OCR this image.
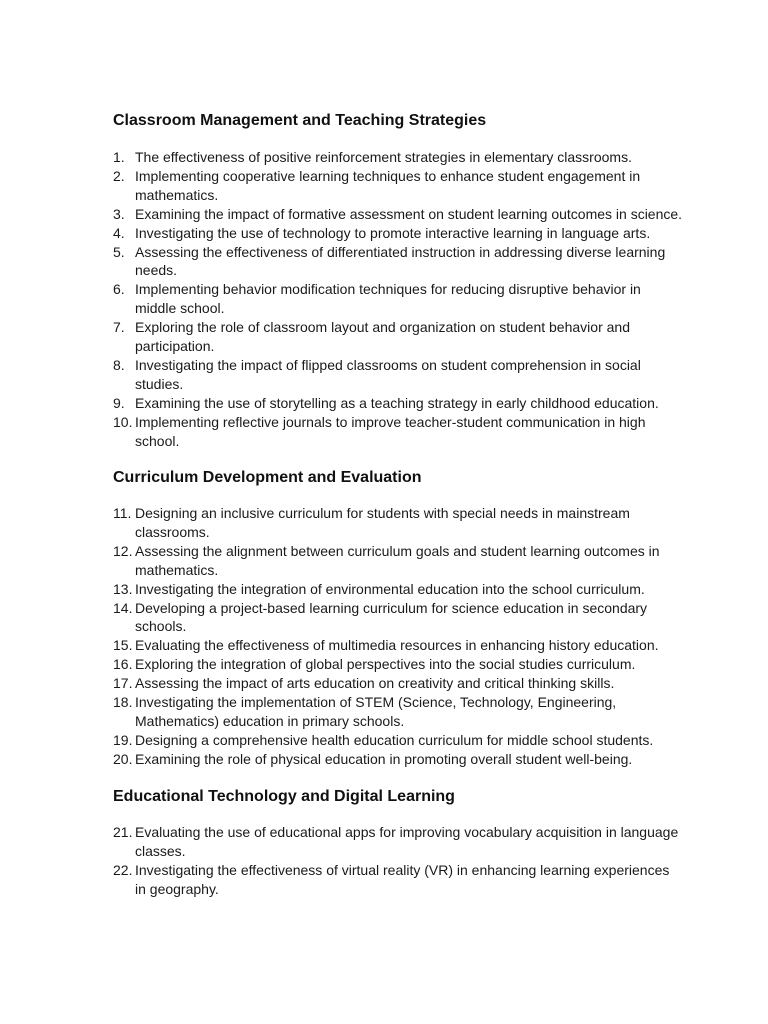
Classroom Management and Teaching Strategies
1. The effectiveness of positive reinforcement strategies in elementary classrooms.
2. Implementing cooperative learning techniques to enhance student engagement in mathematics.
3. Examining the impact of formative assessment on student learning outcomes in science.
4. Investigating the use of technology to promote interactive learning in language arts.
5. Assessing the effectiveness of differentiated instruction in addressing diverse learning needs.
6. Implementing behavior modification techniques for reducing disruptive behavior in middle school.
7. Exploring the role of classroom layout and organization on student behavior and participation.
8. Investigating the impact of flipped classrooms on student comprehension in social studies.
9. Examining the use of storytelling as a teaching strategy in early childhood education.
10. Implementing reflective journals to improve teacher-student communication in high school.
Curriculum Development and Evaluation
11. Designing an inclusive curriculum for students with special needs in mainstream classrooms.
12. Assessing the alignment between curriculum goals and student learning outcomes in mathematics.
13. Investigating the integration of environmental education into the school curriculum.
14. Developing a project-based learning curriculum for science education in secondary schools.
15. Evaluating the effectiveness of multimedia resources in enhancing history education.
16. Exploring the integration of global perspectives into the social studies curriculum.
17. Assessing the impact of arts education on creativity and critical thinking skills.
18. Investigating the implementation of STEM (Science, Technology, Engineering, Mathematics) education in primary schools.
19. Designing a comprehensive health education curriculum for middle school students.
20. Examining the role of physical education in promoting overall student well-being.
Educational Technology and Digital Learning
21. Evaluating the use of educational apps for improving vocabulary acquisition in language classes.
22. Investigating the effectiveness of virtual reality (VR) in enhancing learning experiences in geography.
